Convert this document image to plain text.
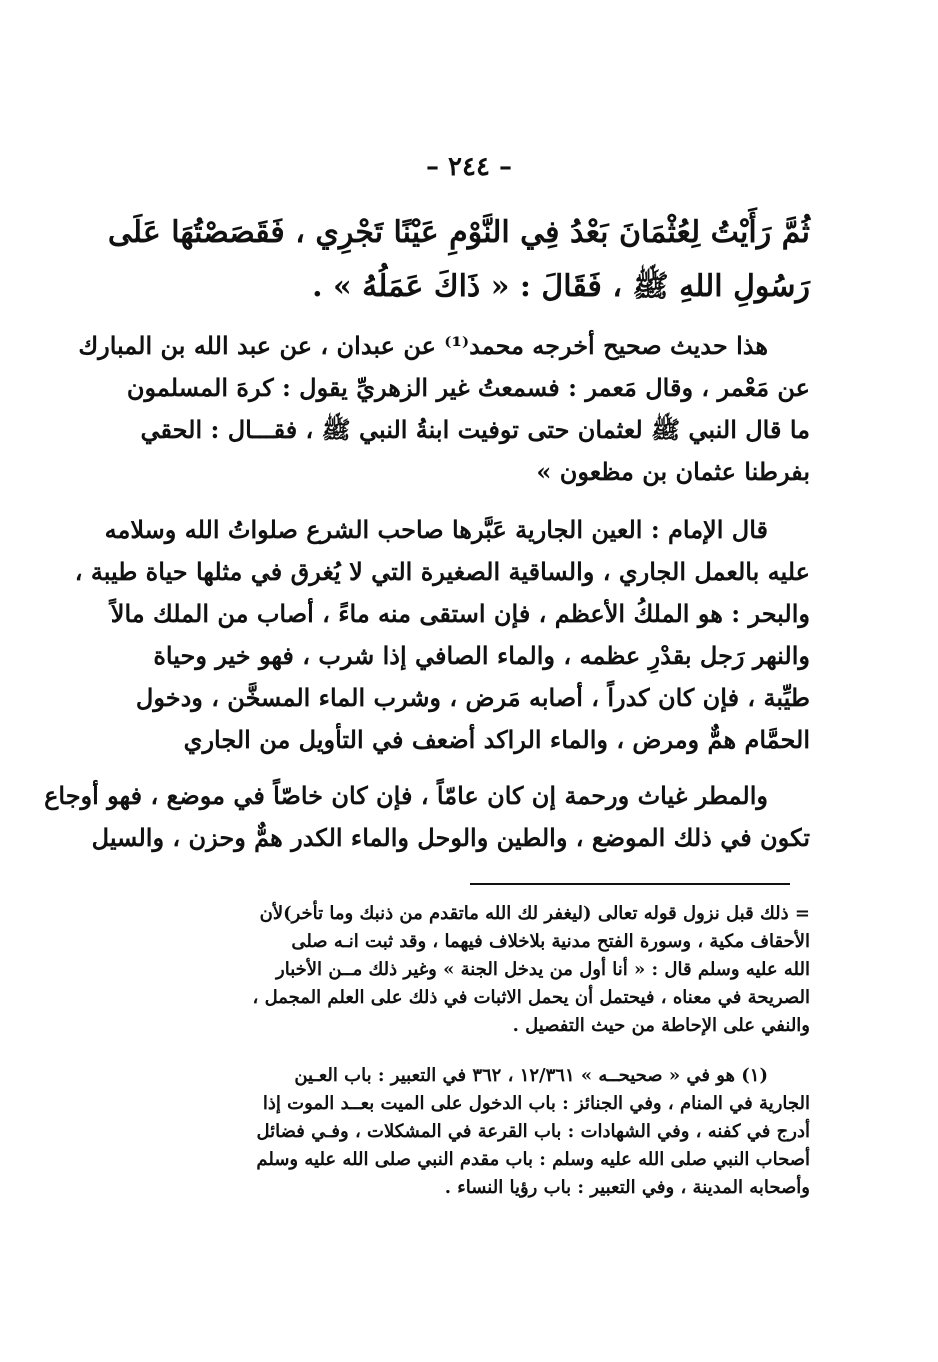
– ٢٤٤ –
ثُمَّ رَأَيْتُ لِعُثْمَانَ بَعْدُ فِي النَّوْمِ عَيْنًا تَجْرِي ، فَقَصَصْتُهَا عَلَى
رَسُولِ اللهِ ﷺ ، فَقَالَ : « ذَاكَ عَمَلُهُ » .
هذا حديث صحيح أخرجه محمد⁽¹⁾ عن عبدان ، عن عبد الله بن المبارك
عن مَعْمر ، وقال مَعمر : فسمعتُ غير الزهريِّ يقول : كرهَ المسلمون
ما قال النبي ﷺ لعثمان حتى توفيت ابنةُ النبي ﷺ ، فقـــال : الحقي
بفرطنا عثمان بن مظعون »
قال الإمام : العين الجارية عَبَّرها صاحب الشرع صلواتُ الله وسلامه
عليه بالعمل الجاري ، والساقية الصغيرة التي لا يُغرق في مثلها حياة طيبة ،
والبحر : هو الملكُ الأعظم ، فإن استقى منه ماءً ، أصاب من الملك مالاً
والنهر رَجل بقدْرِ عظمه ، والماء الصافي إذا شرب ، فهو خير وحياة
طيِّبة ، فإن كان كدراً ، أصابه مَرض ، وشرب الماء المسخَّن ، ودخول
الحمَّام همٌّ ومرض ، والماء الراكد أضعف في التأويل من الجاري
والمطر غياث ورحمة إن كان عامّاً ، فإن كان خاصّاً في موضع ، فهو أوجاع
تكون في ذلك الموضع ، والطين والوحل والماء الكدر همٌّ وحزن ، والسيل
= ذلك قبل نزول قوله تعالى (ليغفر لك الله ماتقدم من ذنبك وما تأخر)لأن
الأحقاف مكية ، وسورة الفتح مدنية بلاخلاف فيهما ، وقد ثبت انـه صلى
الله عليه وسلم قال : « أنا أول من يدخل الجنة » وغير ذلك مــن الأخبار
الصريحة في معناه ، فيحتمل أن يحمل الاثبات في ذلك على العلم المجمل ،
والنفي على الإحاطة من حيث التفصيل .
(١) هو في « صحيحــه » ١٢/٣٦١ ، ٣٦٢ في التعبير : باب العـين
الجارية في المنام ، وفي الجنائز : باب الدخول على الميت بعــد الموت إذا
أدرج في كفنه ، وفي الشهادات : باب القرعة في المشكلات ، وفـي فضائل
أصحاب النبي صلى الله عليه وسلم : باب مقدم النبي صلى الله عليه وسلم
وأصحابه المدينة ، وفي التعبير : باب رؤيا النساء .
